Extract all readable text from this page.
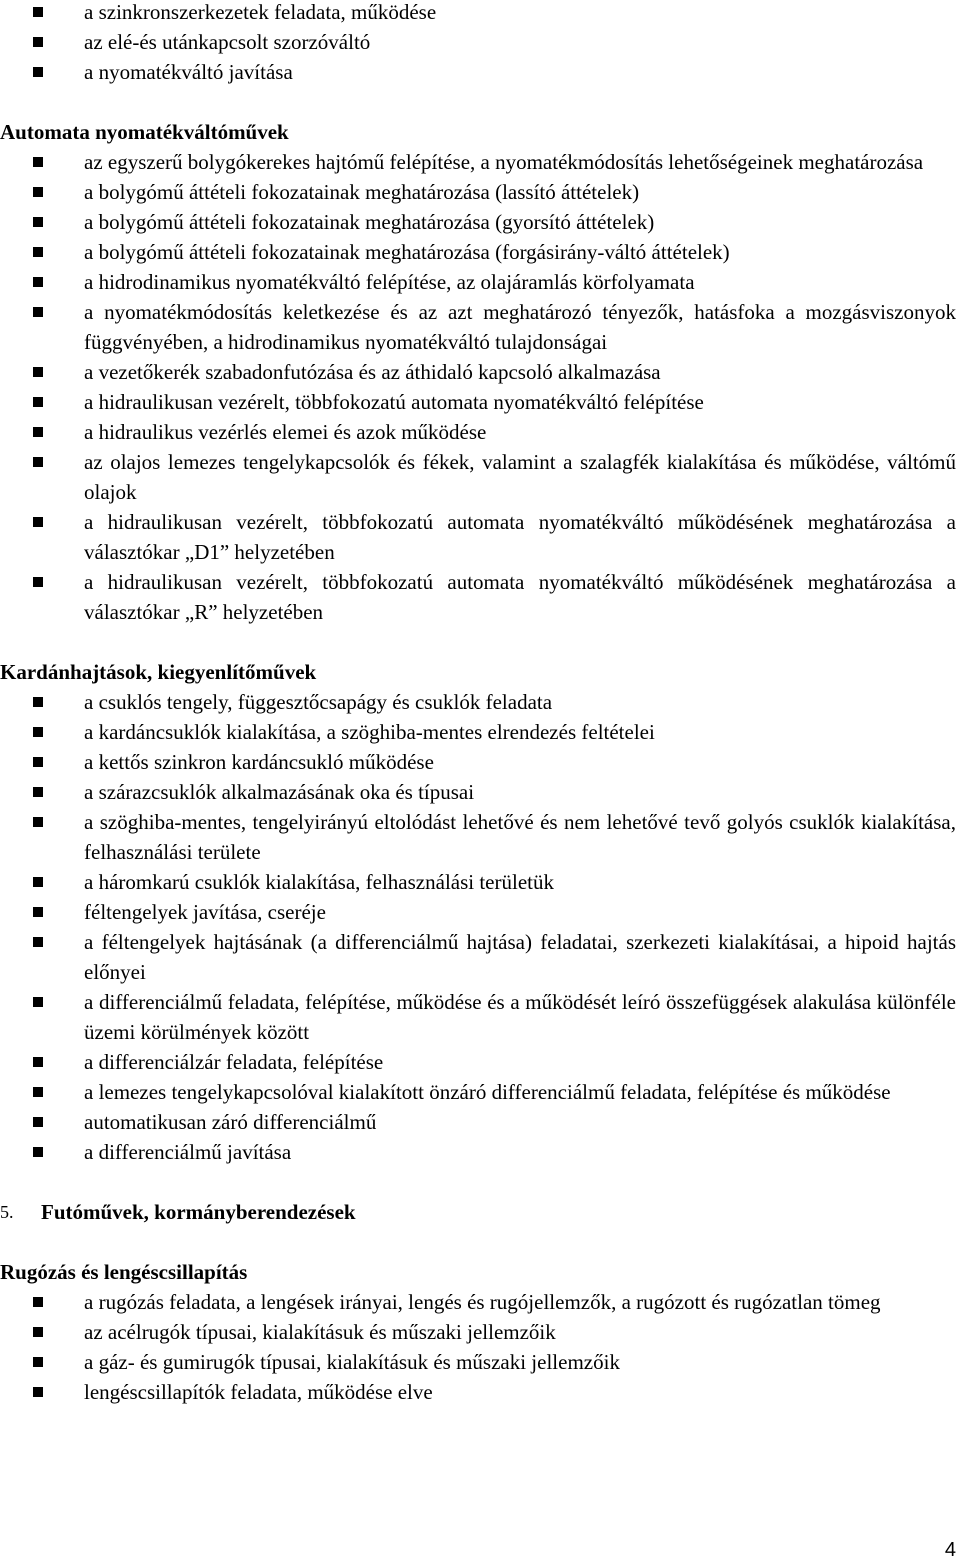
a szinkronszerkezetek feladata, működése
az elé-és utánkapcsolt szorzóváltó
a nyomatékváltó javítása

Automata nyomatékváltóművek

az egyszerű bolygókerekes hajtómű felépítése, a nyomatékmódosítás lehetőségeinek meghatározása
a bolygómű áttételi fokozatainak meghatározása (lassító áttételek)
a bolygómű áttételi fokozatainak meghatározása (gyorsító áttételek)
a bolygómű áttételi fokozatainak meghatározása (forgásirány-váltó áttételek)
a hidrodinamikus nyomatékváltó felépítése, az olajáramlás körfolyamata
a nyomatékmódosítás keletkezése és az azt meghatározó tényezők, hatásfoka a mozgásviszonyok függvényében, a hidrodinamikus nyomatékváltó tulajdonságai
a vezetőkerék szabadonfutózása és az áthidaló kapcsoló alkalmazása
a hidraulikusan vezérelt, többfokozatú automata nyomatékváltó felépítése
a hidraulikus vezérlés elemei és azok működése
az olajos lemezes tengelykapcsolók és fékek, valamint a szalagfék kialakítása és működése, váltómű olajok
a hidraulikusan vezérelt, többfokozatú automata nyomatékváltó működésének meghatározása a választókar „D1” helyzetében
a hidraulikusan vezérelt, többfokozatú automata nyomatékváltó működésének meghatározása a választókar „R” helyzetében

Kardánhajtások, kiegyenlítőművek

a csuklós tengely, függesztőcsapágy és csuklók feladata
a kardáncsuklók kialakítása, a szöghiba-mentes elrendezés feltételei
a kettős szinkron kardáncsukló működése
a szárazcsuklók alkalmazásának oka és típusai
a szöghiba-mentes, tengelyirányú eltolódást lehetővé és nem lehetővé tevő golyós csuklók kialakítása, felhasználási területe
a háromkarú csuklók kialakítása, felhasználási területük
féltengelyek javítása, cseréje
a féltengelyek hajtásának (a differenciálmű hajtása) feladatai, szerkezeti kialakításai, a hipoid hajtás előnyei
a differenciálmű feladata, felépítése, működése és a működését leíró összefüggések alakulása különféle üzemi körülmények között
a differenciálzár feladata, felépítése
a lemezes tengelykapcsolóval kialakított önzáró differenciálmű feladata, felépítése és működése
automatikusan záró differenciálmű
a differenciálmű javítása

5.	Futóművek, kormányberendezések

Rugózás és lengéscsillapítás

a rugózás feladata, a lengések irányai, lengés és rugójellemzők, a rugózott és rugózatlan tömeg
az acélrugók típusai, kialakításuk és műszaki jellemzőik
a gáz- és gumirugók típusai, kialakításuk és műszaki jellemzőik
lengéscsillapítók feladata, működése elve
4
